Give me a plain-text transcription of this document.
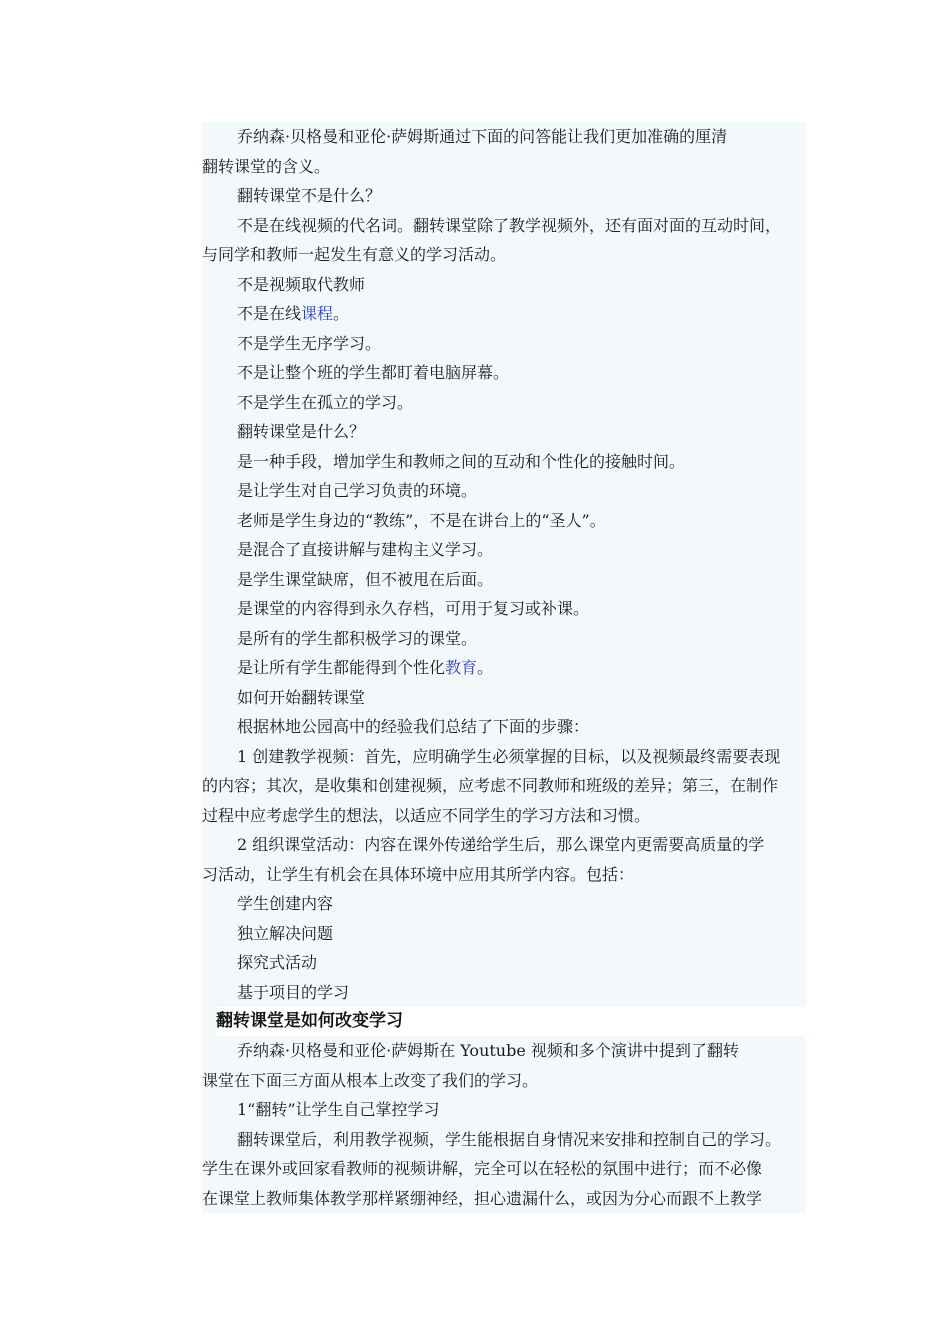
乔纳森·贝格曼和亚伦·萨姆斯通过下面的问答能让我们更加准确的厘清

翻转课堂的含义。

翻转课堂不是什么？

不是在线视频的代名词。翻转课堂除了教学视频外，还有面对面的互动时间，

与同学和教师一起发生有意义的学习活动。

不是视频取代教师

不是在线课程。

不是学生无序学习。

不是让整个班的学生都盯着电脑屏幕。

不是学生在孤立的学习。

翻转课堂是什么？

是一种手段，增加学生和教师之间的互动和个性化的接触时间。

是让学生对自己学习负责的环境。

老师是学生身边的“教练”，不是在讲台上的“圣人”。

是混合了直接讲解与建构主义学习。

是学生课堂缺席，但不被甩在后面。

是课堂的内容得到永久存档，可用于复习或补课。

是所有的学生都积极学习的课堂。

是让所有学生都能得到个性化教育。

如何开始翻转课堂

根据林地公园高中的经验我们总结了下面的步骤：

1 创建教学视频：首先，应明确学生必须掌握的目标，以及视频最终需要表现

的内容；其次，是收集和创建视频，应考虑不同教师和班级的差异；第三，在制作

过程中应考虑学生的想法，以适应不同学生的学习方法和习惯。

2 组织课堂活动：内容在课外传递给学生后，那么课堂内更需要高质量的学

习活动，让学生有机会在具体环境中应用其所学内容。包括：

学生创建内容

独立解决问题

探究式活动

基于项目的学习

翻转课堂是如何改变学习

乔纳森·贝格曼和亚伦·萨姆斯在 Youtube 视频和多个演讲中提到了翻转

课堂在下面三方面从根本上改变了我们的学习。

1“翻转”让学生自己掌控学习

翻转课堂后，利用教学视频，学生能根据自身情况来安排和控制自己的学习。

学生在课外或回家看教师的视频讲解，完全可以在轻松的氛围中进行；而不必像

在课堂上教师集体教学那样紧绷神经，担心遗漏什么，或因为分心而跟不上教学
